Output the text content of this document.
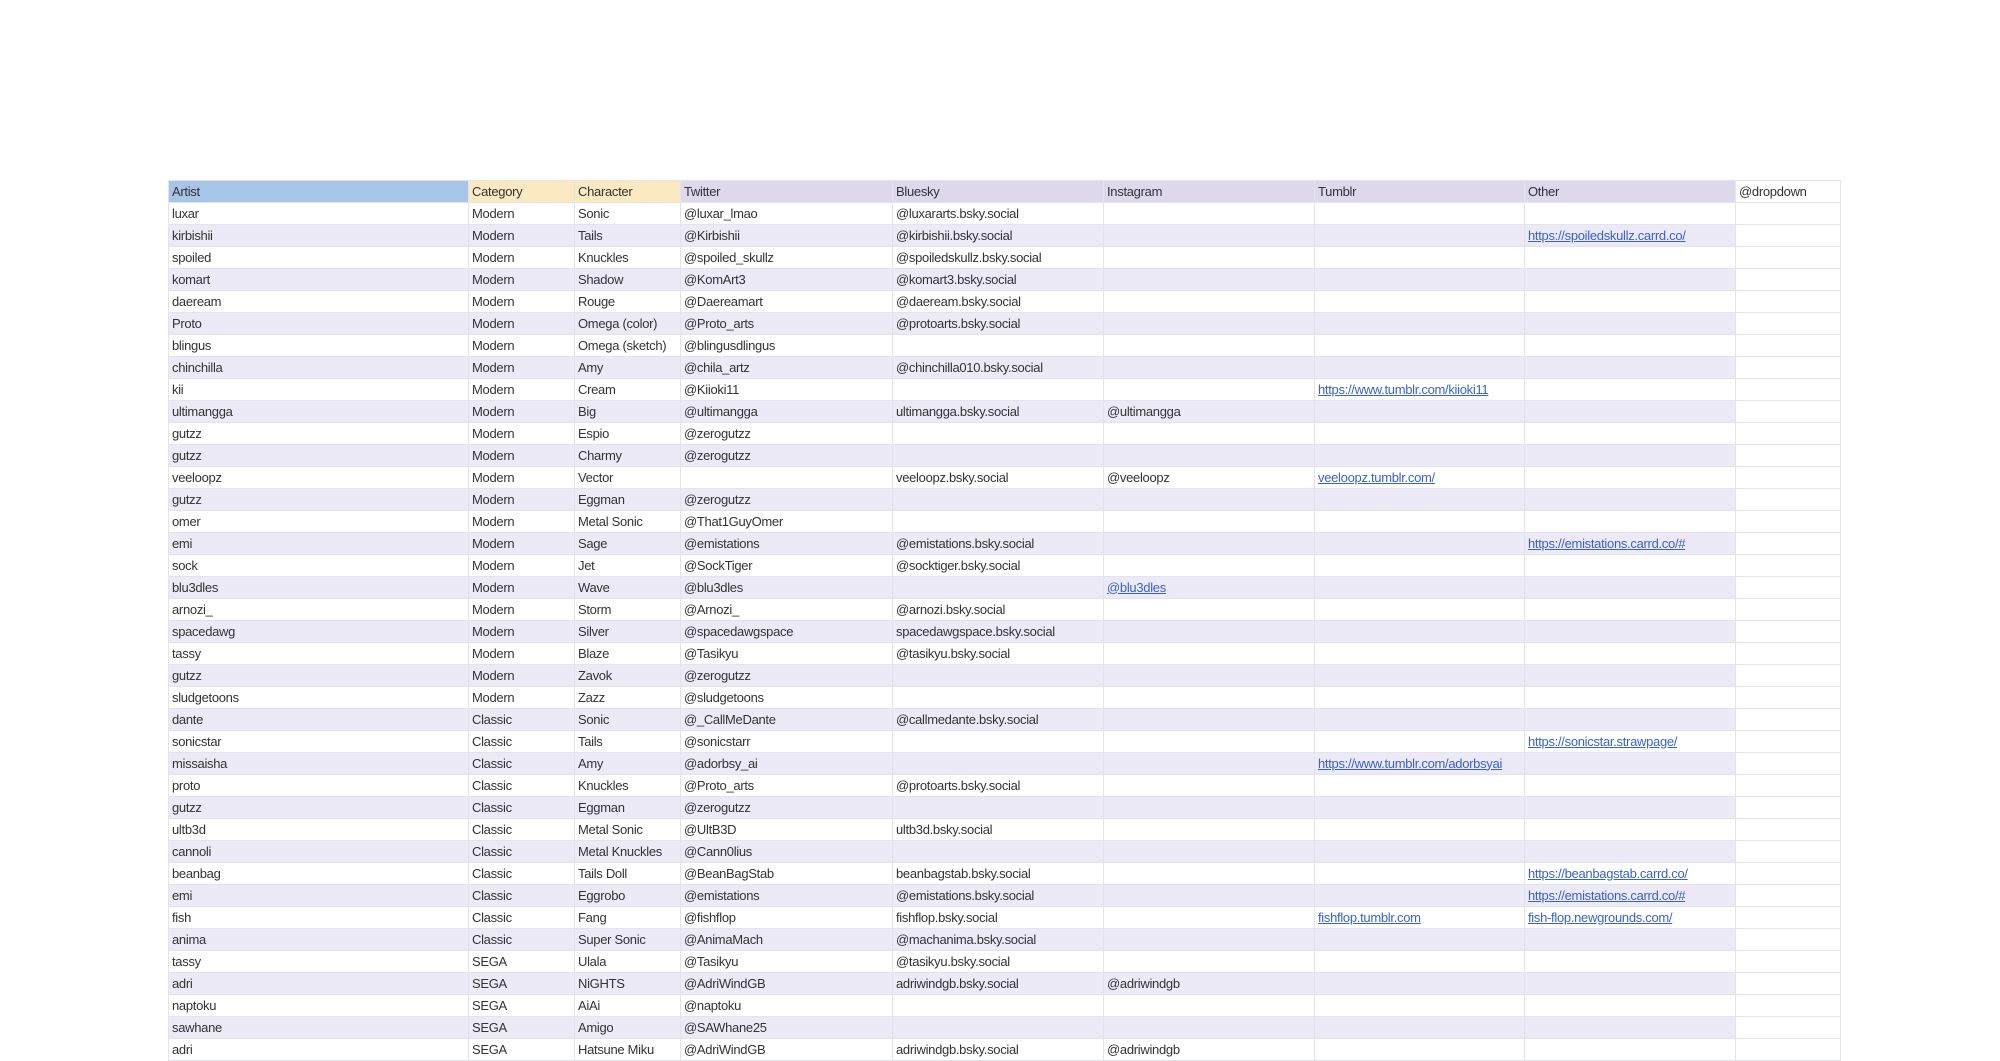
Artist	Category	Character	Twitter	Bluesky	Instagram	Tumblr	Other	@dropdown
luxar	Modern	Sonic	@luxar_lmao	@luxararts.bsky.social				
kirbishii	Modern	Tails	@Kirbishii	@kirbishii.bsky.social			https://spoiledskullz.carrd.co/	
spoiled	Modern	Knuckles	@spoiled_skullz	@spoiledskullz.bsky.social				
komart	Modern	Shadow	@KomArt3	@komart3.bsky.social				
daeream	Modern	Rouge	@Daereamart	@daeream.bsky.social				
Proto	Modern	Omega (color)	@Proto_arts	@protoarts.bsky.social				
blingus	Modern	Omega (sketch)	@blingusdlingus					
chinchilla	Modern	Amy	@chila_artz	@chinchilla010.bsky.social				
kii	Modern	Cream	@Kiioki11			https://www.tumblr.com/kiioki11		
ultimangga	Modern	Big	@ultimangga	ultimangga.bsky.social	@ultimangga			
gutzz	Modern	Espio	@zerogutzz					
gutzz	Modern	Charmy	@zerogutzz					
veeloopz	Modern	Vector		veeloopz.bsky.social	@veeloopz	veeloopz.tumblr.com/		
gutzz	Modern	Eggman	@zerogutzz					
omer	Modern	Metal Sonic	@That1GuyOmer					
emi	Modern	Sage	@emistations	@emistations.bsky.social			https://emistations.carrd.co/#	
sock	Modern	Jet	@SockTiger	@socktiger.bsky.social				
blu3dles	Modern	Wave	@blu3dles		@blu3dles			
arnozi_	Modern	Storm	@Arnozi_	@arnozi.bsky.social				
spacedawg	Modern	Silver	@spacedawgspace	spacedawgspace.bsky.social				
tassy	Modern	Blaze	@Tasikyu	@tasikyu.bsky.social				
gutzz	Modern	Zavok	@zerogutzz					
sludgetoons	Modern	Zazz	@sludgetoons					
dante	Classic	Sonic	@_CallMeDante	@callmedante.bsky.social				
sonicstar	Classic	Tails	@sonicstarr				https://sonicstar.strawpage/	
missaisha	Classic	Amy	@adorbsy_ai			https://www.tumblr.com/adorbsyai		
proto	Classic	Knuckles	@Proto_arts	@protoarts.bsky.social				
gutzz	Classic	Eggman	@zerogutzz					
ultb3d	Classic	Metal Sonic	@UltB3D	ultb3d.bsky.social				
cannoli	Classic	Metal Knuckles	@Cann0lius					
beanbag	Classic	Tails Doll	@BeanBagStab	beanbagstab.bsky.social			https://beanbagstab.carrd.co/	
emi	Classic	Eggrobo	@emistations	@emistations.bsky.social			https://emistations.carrd.co/#	
fish	Classic	Fang	@fishflop	fishflop.bsky.social		fishflop.tumblr.com	fish-flop.newgrounds.com/	
anima	Classic	Super Sonic	@AnimaMach	@machanima.bsky.social				
tassy	SEGA	Ulala	@Tasikyu	@tasikyu.bsky.social				
adri	SEGA	NiGHTS	@AdriWindGB	adriwindgb.bsky.social	@adriwindgb			
naptoku	SEGA	AiAi	@naptoku					
sawhane	SEGA	Amigo	@SAWhane25					
adri	SEGA	Hatsune Miku	@AdriWindGB	adriwindgb.bsky.social	@adriwindgb			
